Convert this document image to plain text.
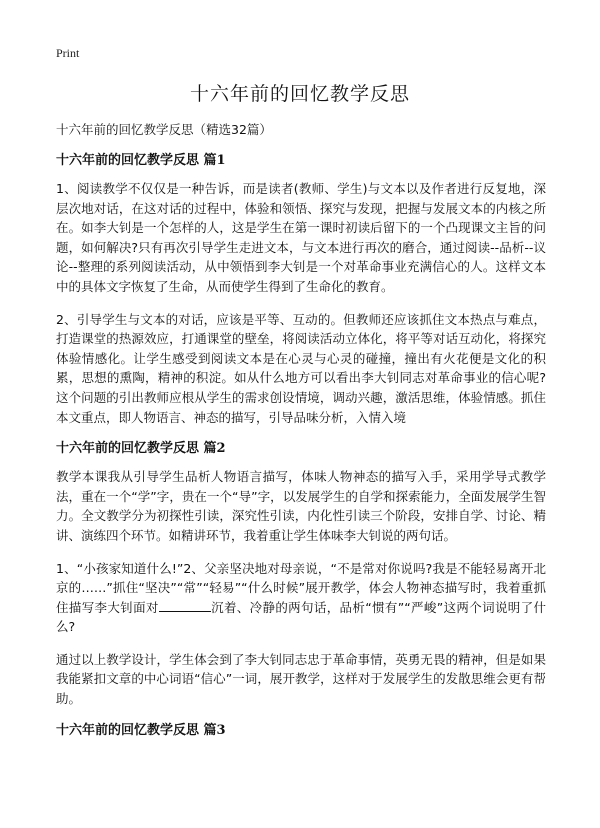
Print
十六年前的回忆教学反思

十六年前的回忆教学反思（精选32篇）

十六年前的回忆教学反思 篇1

1、阅读教学不仅仅是一种告诉，而是读者(教师、学生)与文本以及作者进行反复地，深层次地对话，在这对话的过程中，体验和领悟、探究与发现，把握与发展文本的内核之所在。如李大钊是一个怎样的人，这是学生在第一课时初读后留下的一个凸现课文主旨的问题，如何解决?只有再次引导学生走进文本，与文本进行再次的磨合，通过阅读--品析--议论--整理的系列阅读活动，从中领悟到李大钊是一个对革命事业充满信心的人。这样文本中的具体文字恢复了生命，从而使学生得到了生命化的教育。

2、引导学生与文本的对话，应该是平等、互动的。但教师还应该抓住文本热点与难点，打造课堂的热源效应，打通课堂的壁垒，将阅读活动立体化，将平等对话互动化，将探究体验情感化。让学生感受到阅读文本是在心灵与心灵的碰撞，撞出有火花便是文化的积累，思想的熏陶，精神的积淀。如从什么地方可以看出李大钊同志对革命事业的信心呢?这个问题的引出教师应根从学生的需求创设情境，调动兴趣，激活思维，体验情感。抓住本文重点，即人物语言、神态的描写，引导品味分析，入情入境

十六年前的回忆教学反思 篇2

教学本课我从引导学生品析人物语言描写，体味人物神态的描写入手，采用学导式教学法，重在一个“学”字，贵在一个“导”字，以发展学生的自学和探索能力，全面发展学生智力。全文教学分为初探性引读，深究性引读，内化性引读三个阶段，安排自学、讨论、精讲、演练四个环节。如精讲环节，我着重让学生体味李大钊说的两句话。

1、“小孩家知道什么!”2、父亲坚决地对母亲说，“不是常对你说吗?我是不能轻易离开北京的……”抓住“坚决”“常”“轻易”“什么时候”展开教学，体会人物神态描写时，我着重抓住描写李大钊面对	沉着、冷静的两句话，品析“惯有”“严峻”这两个词说明了什么?

通过以上教学设计，学生体会到了李大钊同志忠于革命事情，英勇无畏的精神，但是如果我能紧扣文章的中心词语“信心”一词，展开教学，这样对于发展学生的发散思维会更有帮助。

十六年前的回忆教学反思 篇3
